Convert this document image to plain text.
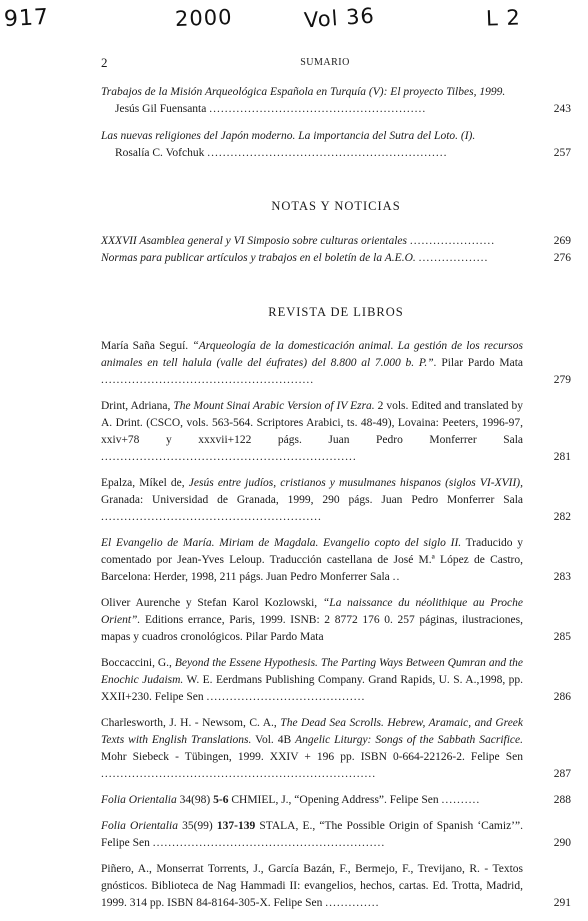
917	2000	Vol 36	L 2
2	SUMARIO
Trabajos de la Misión Arqueológica Española en Turquía (V): El proyecto Tilbes, 1999.
Jesús Gil Fuensanta ........................................................	243
Las nuevas religiones del Japón moderno. La importancia del Sutra del Loto. (I).
Rosalía C. Vofchuk ..............................................................	257
NOTAS Y NOTICIAS
XXXVII Asamblea general y VI Simposio sobre culturas orientales ......................	269
Normas para publicar artículos y trabajos en el boletín de la A.E.O. ..................	276
REVISTA DE LIBROS
María Saña Seguí. “Arqueología de la domesticación animal. La gestión de los recursos animales en tell halula (valle del éufrates) del 8.800 al 7.000 b. P.”. Pilar Pardo Mata .......................................................	279
Drint, Adriana, The Mount Sinai Arabic Version of IV Ezra. 2 vols. Edited and translated by A. Drint. (CSCO, vols. 563-564. Scriptores Arabici, ts. 48-49), Lovaina: Peeters, 1996-97, xxiv+78 y xxxvii+122 págs. Juan Pedro Monferrer Sala ..................................................................	281
Epalza, Míkel de, Jesús entre judíos, cristianos y musulmanes hispanos (siglos VI-XVII), Granada: Universidad de Granada, 1999, 290 págs. Juan Pedro Monferrer Sala .........................................................	282
El Evangelio de María. Miriam de Magdala. Evangelio copto del siglo II. Traducido y comentado por Jean-Yves Leloup. Traducción castellana de José M.ª López de Castro, Barcelona: Herder, 1998, 211 págs. Juan Pedro Monferrer Sala ..	283
Oliver Aurenche y Stefan Karol Kozlowski, “La naissance du néolithique au Proche Orient”. Editions errance, Paris, 1999. ISNB: 2 8772 176 0. 257 páginas, ilustraciones, mapas y cuadros cronológicos. Pilar Pardo Mata	285
Boccaccini, G., Beyond the Essene Hypothesis. The Parting Ways Between Qumran and the Enochic Judaism. W. E. Eerdmans Publishing Company. Grand Rapids, U. S. A.,1998, pp. XXII+230. Felipe Sen .........................................	286
Charlesworth, J. H. - Newsom, C. A., The Dead Sea Scrolls. Hebrew, Aramaic, and Greek Texts with English Translations. Vol. 4B Angelic Liturgy: Songs of the Sabbath Sacrifice. Mohr Siebeck - Tübingen, 1999. XXIV + 196 pp. ISBN 0-664-22126-2. Felipe Sen .......................................................................	287
Folia Orientalia 34(98) 5-6 CHMIEL, J., “Opening Address”. Felipe Sen ..........	288
Folia Orientalia 35(99) 137-139 STALA, E., “The Possible Origin of Spanish ‘Camiz’”. Felipe Sen ............................................................	290
Piñero, A., Monserrat Torrents, J., García Bazán, F., Bermejo, F., Trevijano, R. - Textos gnósticos. Biblioteca de Nag Hammadi II: evangelios, hechos, cartas. Ed. Trotta, Madrid, 1999. 314 pp. ISBN 84-8164-305-X. Felipe Sen ..............	291
